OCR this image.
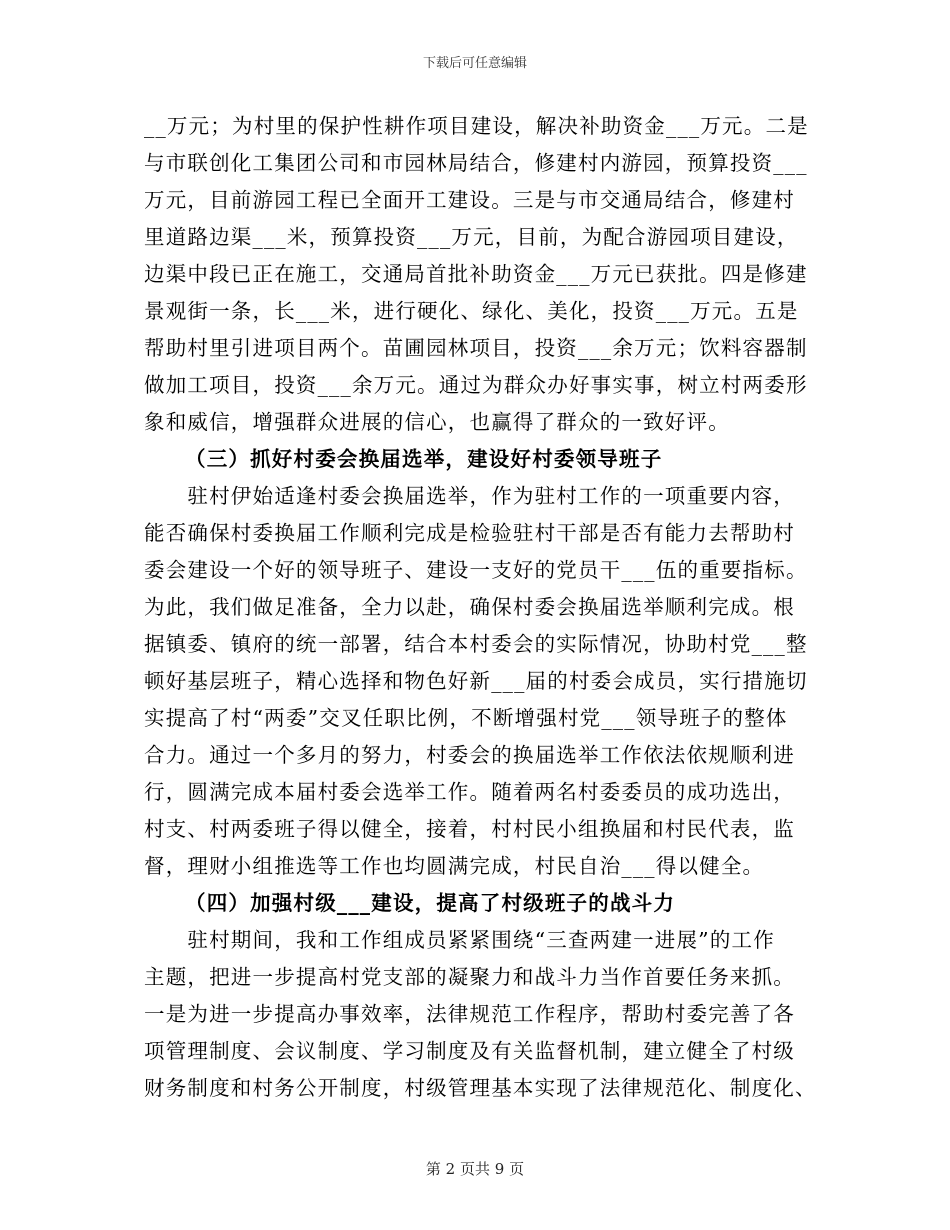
下载后可任意编辑
__万元；为村里的保护性耕作项目建设，解决补助资金___万元。二是
与市联创化工集团公司和市园林局结合，修建村内游园，预算投资___
万元，目前游园工程已全面开工建设。三是与市交通局结合，修建村
里道路边渠___米，预算投资___万元，目前，为配合游园项目建设，
边渠中段已正在施工，交通局首批补助资金___万元已获批。四是修建
景观街一条，长___米，进行硬化、绿化、美化，投资___万元。五是
帮助村里引进项目两个。苗圃园林项目，投资___余万元；饮料容器制
做加工项目，投资___余万元。通过为群众办好事实事，树立村两委形
象和威信，增强群众进展的信心，也赢得了群众的一致好评。
（三）抓好村委会换届选举，建设好村委领导班子
　　驻村伊始适逢村委会换届选举，作为驻村工作的一项重要内容，
能否确保村委换届工作顺利完成是检验驻村干部是否有能力去帮助村
委会建设一个好的领导班子、建设一支好的党员干___伍的重要指标。
为此，我们做足准备，全力以赴，确保村委会换届选举顺利完成。根
据镇委、镇府的统一部署，结合本村委会的实际情况，协助村党___整
顿好基层班子，精心选择和物色好新___届的村委会成员，实行措施切
实提高了村“两委”交叉任职比例，不断增强村党___领导班子的整体
合力。通过一个多月的努力，村委会的换届选举工作依法依规顺利进
行，圆满完成本届村委会选举工作。随着两名村委委员的成功选出，
村支、村两委班子得以健全，接着，村村民小组换届和村民代表，监
督，理财小组推选等工作也均圆满完成，村民自治___得以健全。
（四）加强村级___建设，提高了村级班子的战斗力
　　驻村期间，我和工作组成员紧紧围绕“三查两建一进展”的工作
主题，把进一步提高村党支部的凝聚力和战斗力当作首要任务来抓。
一是为进一步提高办事效率，法律规范工作程序，帮助村委完善了各
项管理制度、会议制度、学习制度及有关监督机制，建立健全了村级
财务制度和村务公开制度，村级管理基本实现了法律规范化、制度化、
第 2 页共 9 页
